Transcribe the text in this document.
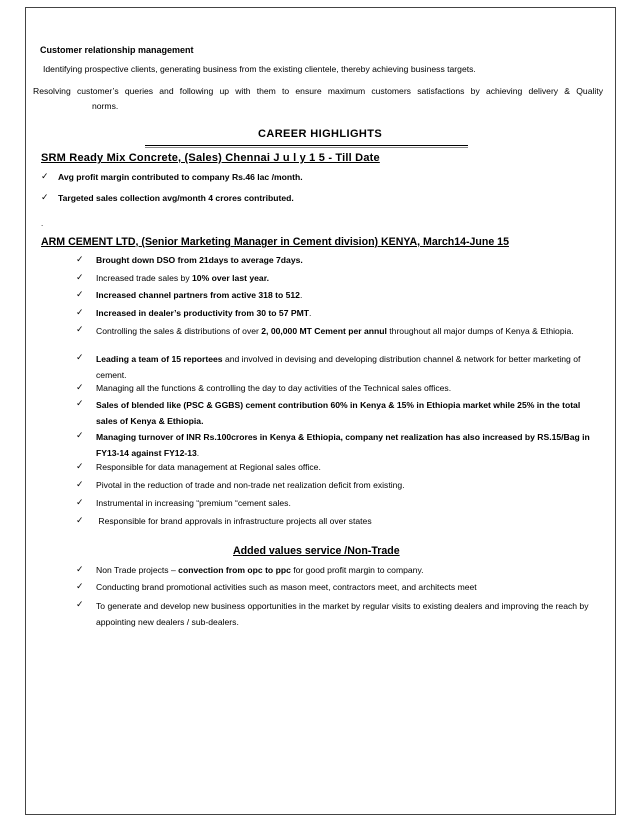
Customer relationship management
Identifying prospective clients, generating business from the existing clientele, thereby achieving business targets.
Resolving customer’s queries and following up with them to ensure maximum customers satisfactions by achieving delivery & Quality
norms.
CAREER HIGHLIGHTS
SRM Ready Mix Concrete, (Sales) Chennai J u l y 1 5 - Till Date
✓ Avg profit margin contributed to company Rs.46 lac /month.
✓ Targeted sales collection avg/month 4 crores contributed.
.
ARM CEMENT LTD, (Senior Marketing Manager in Cement division) KENYA, March14-June 15
✓ Brought down DSO from 21days to average 7days.
✓ Increased trade sales by 10% over last year.
✓ Increased channel partners from active 318 to 512.
✓ Increased in dealer’s productivity from 30 to 57 PMT.
✓ Controlling the sales & distributions of over 2, 00,000 MT Cement per annul throughout all major dumps of Kenya & Ethiopia.
✓ Leading a team of 15 reportees and involved in devising and developing distribution channel & network for better marketing of cement.
✓ Managing all the functions & controlling the day to day activities of the Technical sales offices.
✓ Sales of blended like (PSC & GGBS) cement contribution 60% in Kenya & 15% in Ethiopia market while 25% in the total sales of Kenya & Ethiopia.
✓ Managing turnover of INR Rs.100crores in Kenya & Ethiopia, company net realization has also increased by RS.15/Bag in FY13-14 against FY12-13.
✓ Responsible for data management at Regional sales office.
✓ Pivotal in the reduction of trade and non-trade net realization deficit from existing.
✓ Instrumental in increasing “premium “cement sales.
✓ Responsible for brand approvals in infrastructure projects all over states
Added values service /Non-Trade
✓ Non Trade projects – convection from opc to ppc for good profit margin to company.
✓ Conducting brand promotional activities such as mason meet, contractors meet, and architects meet
✓ To generate and develop new business opportunities in the market by regular visits to existing dealers and improving the reach by appointing new dealers / sub-dealers.
